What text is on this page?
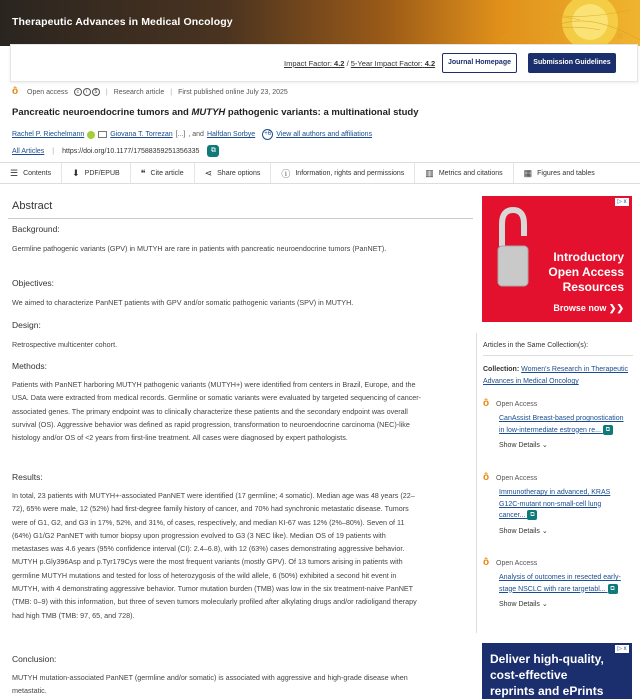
Therapeutic Advances in Medical Oncology
Impact Factor: 4.2 / 5-Year Impact Factor: 4.2	Journal Homepage	Submission Guidelines
ô	Open access	c	i	$	| Research article | First published online July 23, 2025
Pancreatic neuroendocrine tumors and MUTYH pathogenic variants: a multinational study
Rachel P. Riechelmann	Giovana T. Torrezan [...] , and Halfdan Sorbye	+6 View all authors and affiliations
All Articles | https://doi.org/10.1177/17588359251356335	⧉
☰ Contents ⬇ PDF/EPUB ❝ Cite article ⋖ Share options ⓘ Information, rights and permissions ▥ Metrics and citations ▦ Figures and tables
Abstract
Background:
Germline pathogenic variants (GPV) in MUTYH are rare in patients with pancreatic neuroendocrine tumors (PanNET).
Objectives:
We aimed to characterize PanNET patients with GPV and/or somatic pathogenic variants (SPV) in MUTYH.
Design:
Retrospective multicenter cohort.
Methods:
Patients with PanNET harboring MUTYH pathogenic variants (MUTYH+) were identified from centers in Brazil, Europe, and the USA. Data were extracted from medical records. Germline or somatic variants were evaluated by targeted sequencing of cancer-associated genes. The primary endpoint was to clinically characterize these patients and the secondary endpoint was overall survival (OS). Aggressive behavior was defined as rapid progression, transformation to neuroendocrine carcinoma (NEC)-like histology and/or OS of <2 years from first-line treatment. All cases were diagnosed by expert pathologists.
Results:
In total, 23 patients with MUTYH+-associated PanNET were identified (17 germline; 4 somatic). Median age was 48 years (22–72), 65% were male, 12 (52%) had first-degree family history of cancer, and 70% had synchronic metastatic disease. Tumors were of G1, G2, and G3 in 17%, 52%, and 31%, of cases, respectively, and median KI-67 was 12% (2%–80%). Seven of 11 (64%) G1/G2 PanNET with tumor biopsy upon progression evolved to G3 (3 NEC like). Median OS of 19 patients with metastases was 4.6 years (95% confidence interval (CI): 2.4–6.8), with 12 (63%) cases demonstrating aggressive behavior. MUTYH p.Gly396Asp and p.Tyr179Cys were the most frequent variants (mostly GPV). Of 13 tumors arising in patients with germline MUTYH mutations and tested for loss of heterozygosis of the wild allele, 6 (50%) exhibited a second hit event in MUTYH, with 4 demonstrating aggressive behavior. Tumor mutation burden (TMB) was low in the six treatment-naive PanNET (TMB: 0–9) with this information, but three of seven tumors molecularly profiled after alkylating drugs and/or radioligand therapy had high TMB (TMB: 97, 65, and 728).
Conclusion:
MUTYH mutation-associated PanNET (germline and/or somatic) is associated with aggressive and high-grade disease when metastatic.
▷ x
Introductory
Open Access
Resources
Browse now ❯❯
Articles in the Same Collection(s):
Collection: Women's Research in Therapeutic Advances in Medical Oncology
ô Open Access
CanAssist Breast-based prognostication in low-intermediate estrogen re... ⧉
Show Details ⌄
ô Open Access
Immunotherapy in advanced, KRAS G12C-mutant non-small-cell lung cancer... ⧉
Show Details ⌄
ô Open Access
Analysis of outcomes in resected early-stage NSCLC with rare targetabl... ⧉
Show Details ⌄
▷ x
Deliver high-quality,
cost-effective
reprints and ePrints
